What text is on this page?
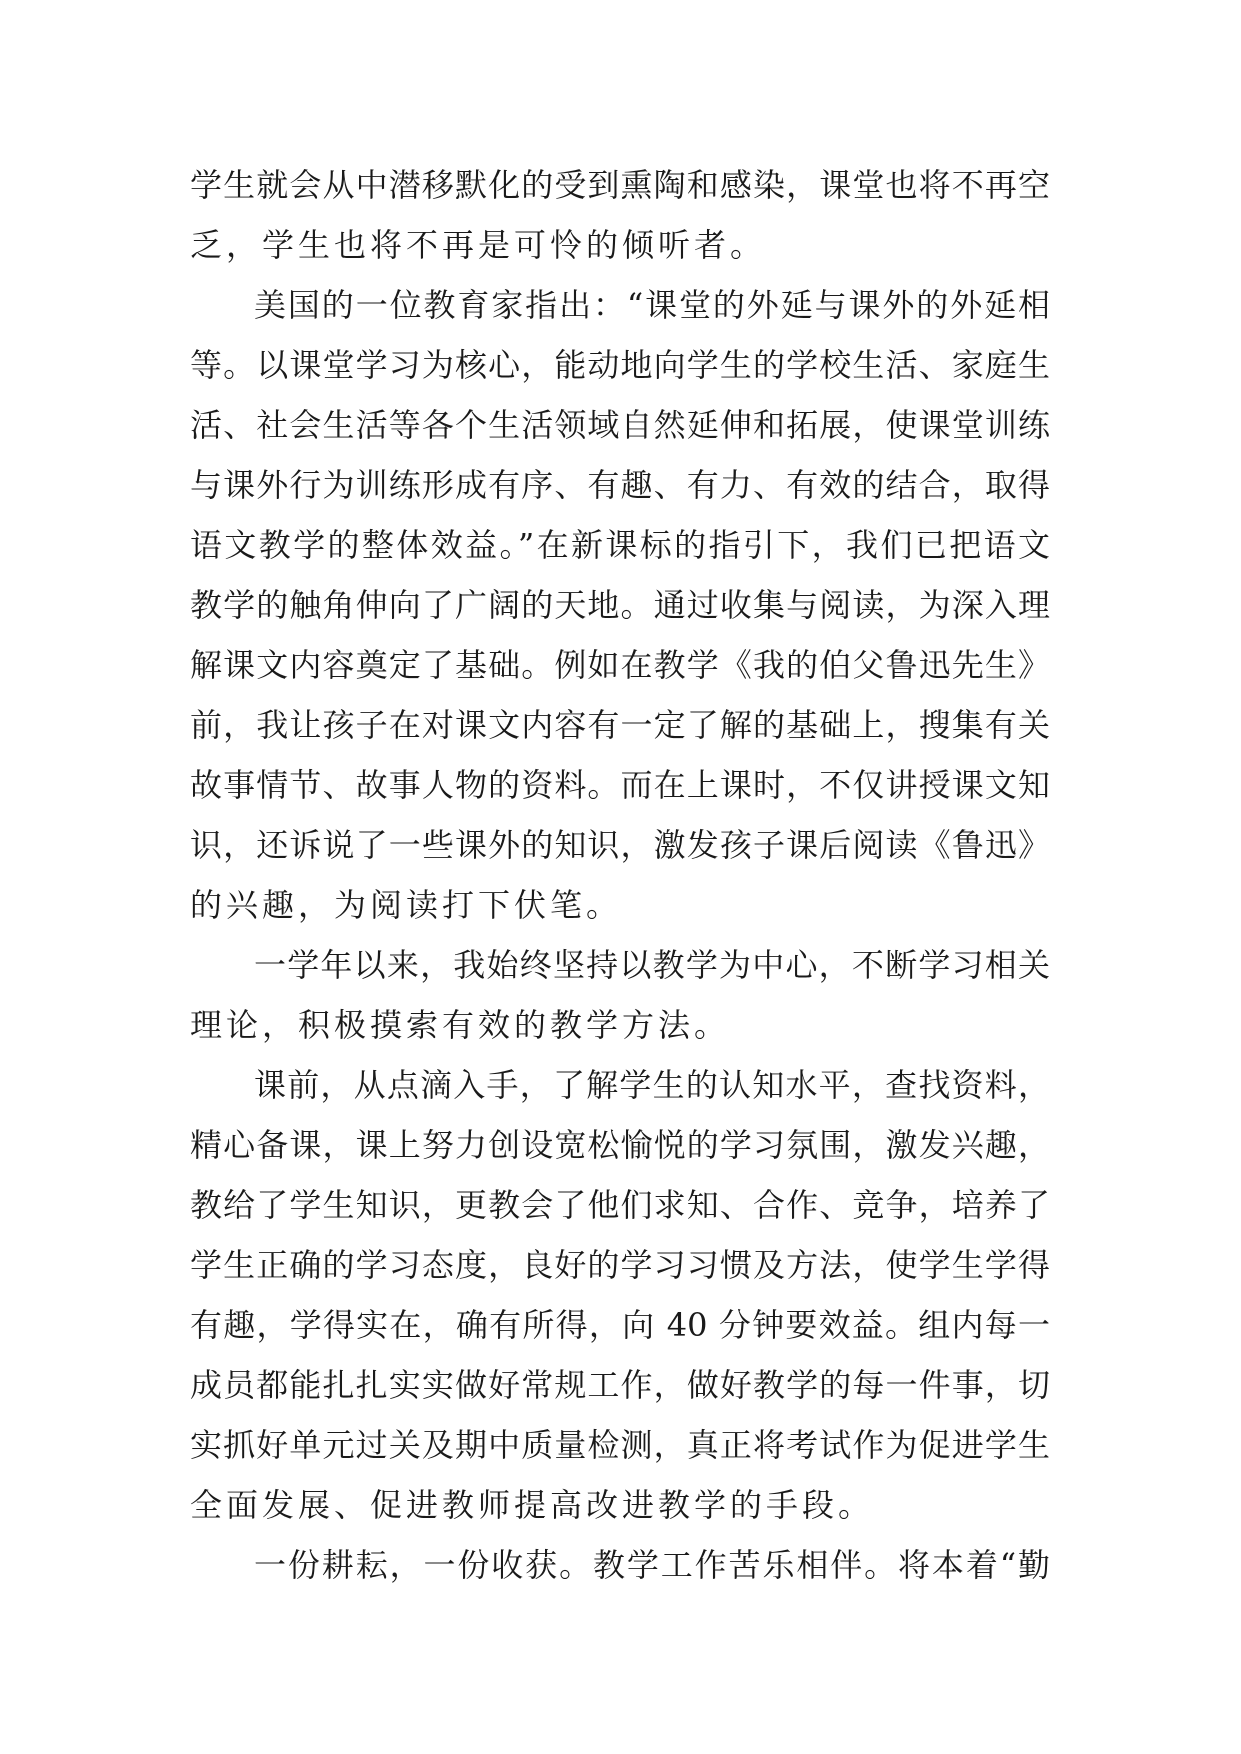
学生就会从中潜移默化的受到熏陶和感染，课堂也将不再空
乏，学生也将不再是可怜的倾听者。
美国的一位教育家指出：“课堂的外延与课外的外延相
等。以课堂学习为核心，能动地向学生的学校生活、家庭生
活、社会生活等各个生活领域自然延伸和拓展，使课堂训练
与课外行为训练形成有序、有趣、有力、有效的结合，取得
语文教学的整体效益。”在新课标的指引下，我们已把语文
教学的触角伸向了广阔的天地。通过收集与阅读，为深入理
解课文内容奠定了基础。例如在教学《我的伯父鲁迅先生》
前，我让孩子在对课文内容有一定了解的基础上，搜集有关
故事情节、故事人物的资料。而在上课时，不仅讲授课文知
识，还诉说了一些课外的知识，激发孩子课后阅读《鲁迅》
的兴趣，为阅读打下伏笔。
一学年以来，我始终坚持以教学为中心，不断学习相关
理论，积极摸索有效的教学方法。
课前，从点滴入手，了解学生的认知水平，查找资料，
精心备课，课上努力创设宽松愉悦的学习氛围，激发兴趣，
教给了学生知识，更教会了他们求知、合作、竞争，培养了
学生正确的学习态度，良好的学习习惯及方法，使学生学得
有趣，学得实在，确有所得，向 40 分钟要效益。组内每一
成员都能扎扎实实做好常规工作，做好教学的每一件事，切
实抓好单元过关及期中质量检测，真正将考试作为促进学生
全面发展、促进教师提高改进教学的手段。
一份耕耘，一份收获。教学工作苦乐相伴。将本着“勤
